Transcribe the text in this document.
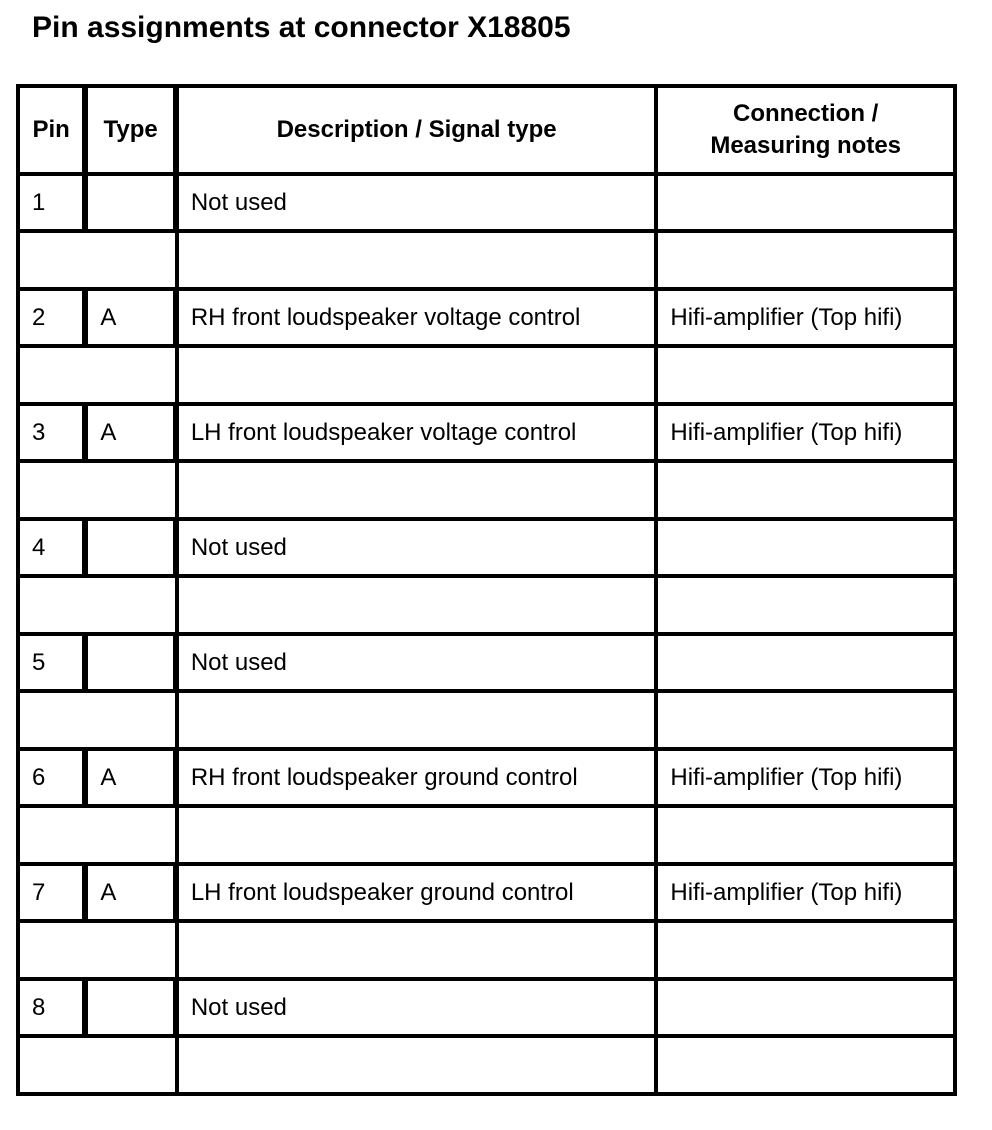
Pin assignments at connector X18805
Pin	Type	Description / Signal type	Connection /
Measuring notes

1		Not used	

2	A	RH front loudspeaker voltage control	Hifi-amplifier (Top hifi)

3	A	LH front loudspeaker voltage control	Hifi-amplifier (Top hifi)

4		Not used	

5		Not used	

6	A	RH front loudspeaker ground control	Hifi-amplifier (Top hifi)

7	A	LH front loudspeaker ground control	Hifi-amplifier (Top hifi)

8		Not used	
